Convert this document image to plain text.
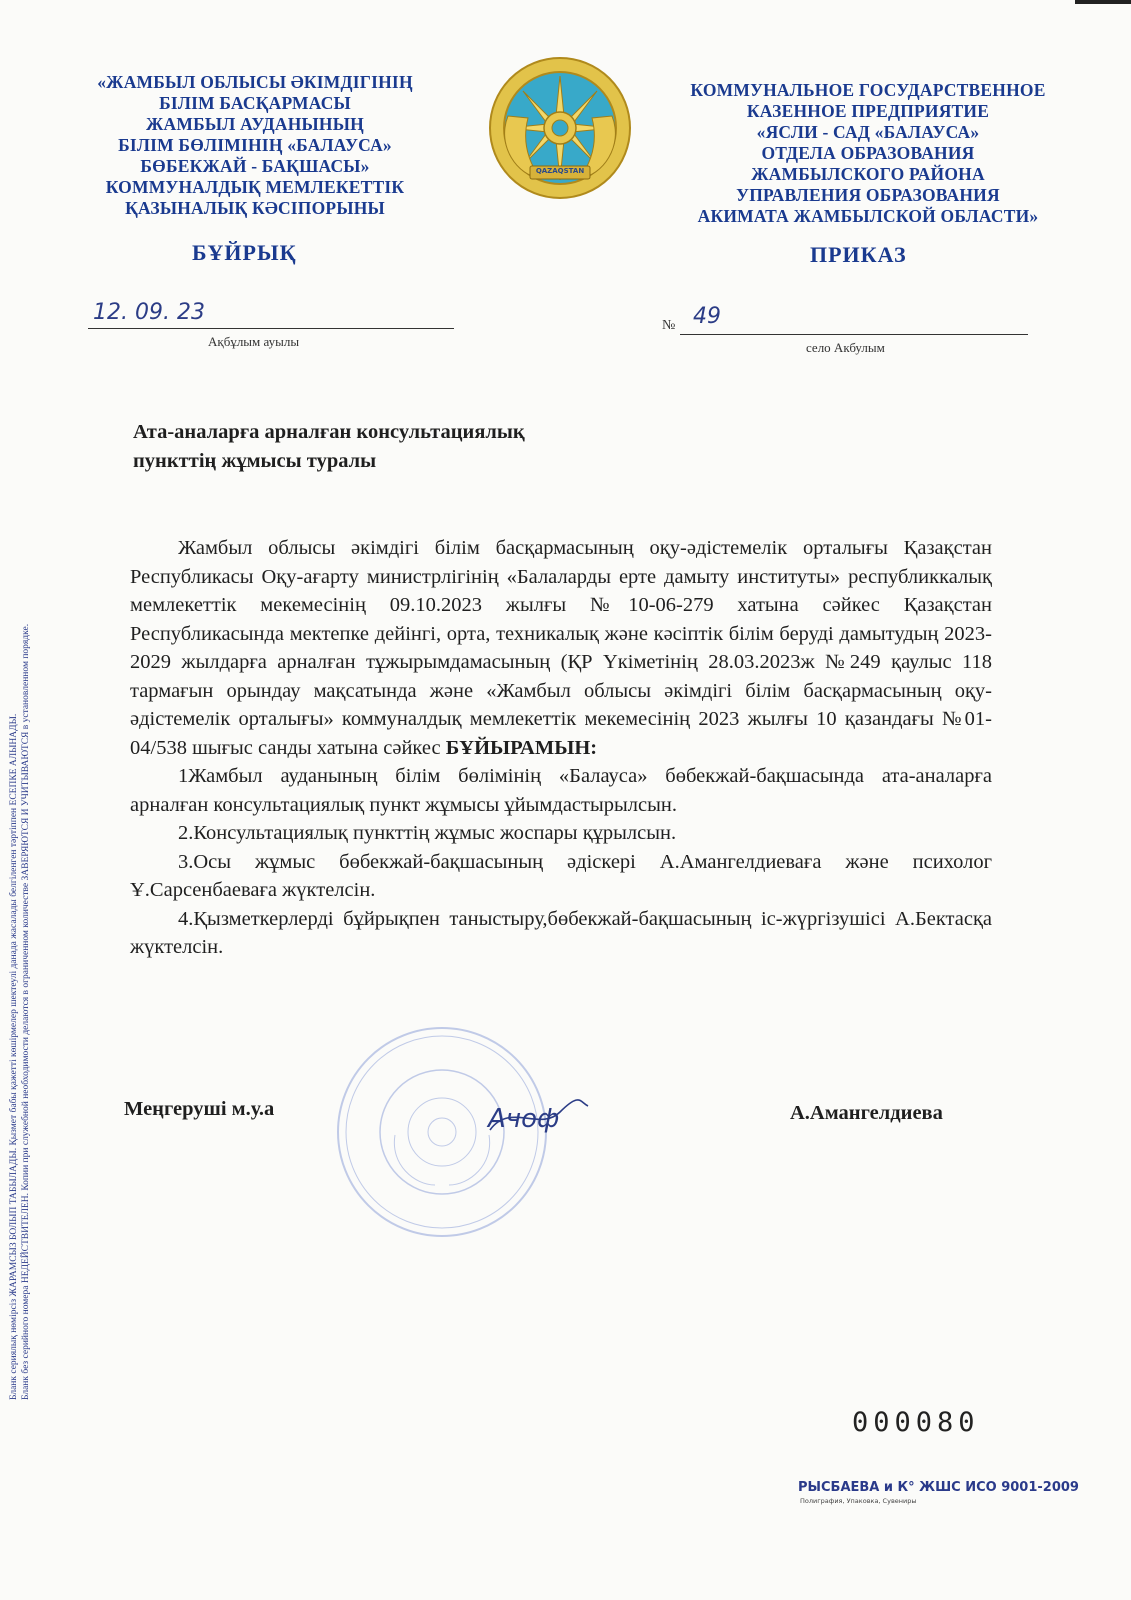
«ЖАМБЫЛ ОБЛЫСЫ ӘКІМДІГІНІҢ
БІЛІМ БАСҚАРМАСЫ
ЖАМБЫЛ АУДАНЫНЫҢ
БІЛІМ БӨЛІМІНІҢ «БАЛАУСА»
БӨБЕКЖАЙ - БАҚШАСЫ»
КОММУНАЛДЫҚ МЕМЛЕКЕТТІК
ҚАЗЫНАЛЫҚ КӘСІПОРЫНЫ
QAZAQSTAN
КОММУНАЛЬНОЕ ГОСУДАРСТВЕННОЕ
КАЗЕННОЕ ПРЕДПРИЯТИЕ
«ЯСЛИ - САД «БАЛАУСА»
ОТДЕЛА ОБРАЗОВАНИЯ
ЖАМБЫЛСКОГО РАЙОНА
УПРАВЛЕНИЯ ОБРАЗОВАНИЯ
АКИМАТА ЖАМБЫЛСКОЙ ОБЛАСТИ»
БҰЙРЫҚ	ПРИКАЗ
12. 09. 23
Ақбұлым ауылы
№ 49
село Акбулым
Ата-аналарға арналған консультациялық
пункттің жұмысы туралы

Жамбыл облысы әкімдігі білім басқармасының оқу-әдістемелік орталығы Қазақстан Республикасы Оқу-ағарту министрлігінің «Балаларды ерте дамыту институты» республиккалық мемлекеттік мекемесінің 09.10.2023 жылғы №10-06-279 хатына сәйкес Қазақстан Республикасында мектепке дейінгі, орта, техникалық және кәсіптік білім беруді дамытудың 2023-2029 жылдарға арналған тұжырымдамасының (ҚР Үкіметінің 28.03.2023ж №249 қаулыс 118 тармағын орындау мақсатында және «Жамбыл облысы әкімдігі білім басқармасының оқу-әдістемелік орталығы» коммуналдық мемлекеттік мекемесінің 2023 жылғы 10 қазандағы №01-04/538 шығыс санды хатына сәйкес БҰЙЫРАМЫН:

1Жамбыл ауданының білім бөлімінің «Балауса» бөбекжай-бақшасында ата-аналарға арналған консультациялық пункт жұмысы ұйымдастырылсын.

2.Консультациялық пункттің жұмыс жоспары құрылсын.

3.Осы жұмыс бөбекжай-бақшасының әдіскері А.Амангелдиеваға және психолог Ұ.Сарсенбаеваға жүктелсін.

4.Қызметкерлерді бұйрықпен таныстыру,бөбекжай-бақшасының іс-жүргізушісі А.Бектасқа жүктелсін.

Меңгеруші м.у.а	Ачоф	А.Амангелдиева
Бланк сериялық нөмірсіз ЖАРАМСЫЗ БОЛЫП ТАБЫЛАДЫ. Қызмет бабы қажетті көшірмелер шектеулі данада жасалады белгіленген тәртіппен ЕСЕПКЕ АЛЫНАДЫ. Бланк без серийного номера НЕДЕЙСТВИТЕЛЕН. Копии при служебной необходимости делаются в ограниченном количестве ЗАВЕРЯЮТСЯ И УЧИТЫВАЮТСЯ в установленном порядке.
000080
РЫСБАЕВА и К° ЖШС ИСО 9001-2009
Полиграфия, Упаковка, Сувениры
